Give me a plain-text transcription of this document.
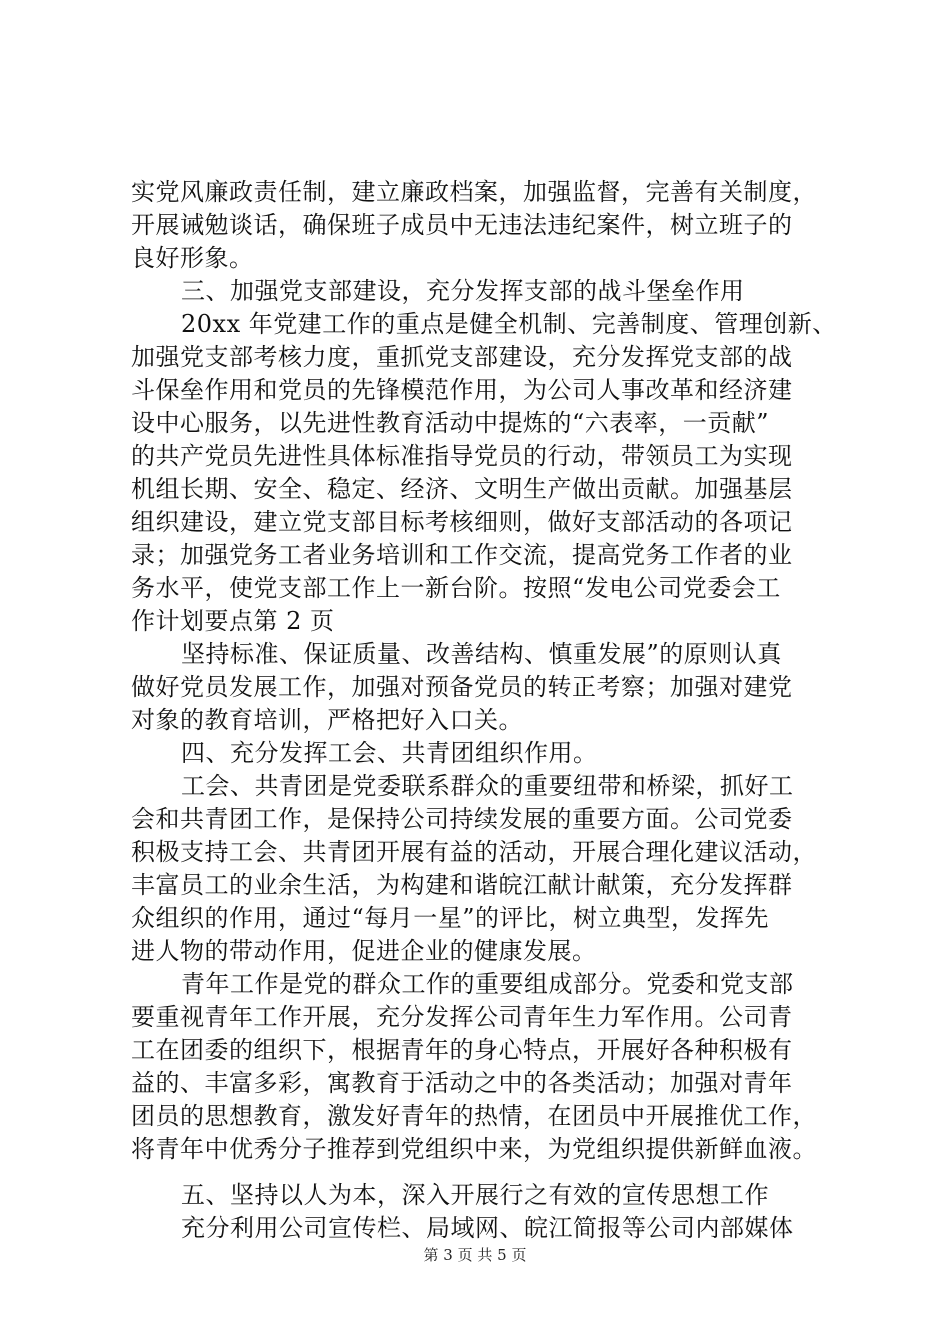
实党风廉政责任制，建立廉政档案，加强监督，完善有关制度，
开展诫勉谈话，确保班子成员中无违法违纪案件，树立班子的
良好形象。
三、加强党支部建设，充分发挥支部的战斗堡垒作用
20xx 年党建工作的重点是健全机制、完善制度、管理创新、
加强党支部考核力度，重抓党支部建设，充分发挥党支部的战
斗保垒作用和党员的先锋模范作用，为公司人事改革和经济建
设中心服务，以先进性教育活动中提炼的“六表率，一贡献”
的共产党员先进性具体标准指导党员的行动，带领员工为实现
机组长期、安全、稳定、经济、文明生产做出贡献。加强基层
组织建设，建立党支部目标考核细则，做好支部活动的各项记
录；加强党务工者业务培训和工作交流，提高党务工作者的业
务水平，使党支部工作上一新台阶。按照“发电公司党委会工
作计划要点第 2 页
坚持标准、保证质量、改善结构、慎重发展”的原则认真
做好党员发展工作，加强对预备党员的转正考察；加强对建党
对象的教育培训，严格把好入口关。
四、充分发挥工会、共青团组织作用。
工会、共青团是党委联系群众的重要纽带和桥梁，抓好工
会和共青团工作，是保持公司持续发展的重要方面。公司党委
积极支持工会、共青团开展有益的活动，开展合理化建议活动，
丰富员工的业余生活，为构建和谐皖江献计献策，充分发挥群
众组织的作用，通过“每月一星”的评比，树立典型，发挥先
进人物的带动作用，促进企业的健康发展。
青年工作是党的群众工作的重要组成部分。党委和党支部
要重视青年工作开展，充分发挥公司青年生力军作用。公司青
工在团委的组织下，根据青年的身心特点，开展好各种积极有
益的、丰富多彩，寓教育于活动之中的各类活动；加强对青年
团员的思想教育，激发好青年的热情，在团员中开展推优工作，
将青年中优秀分子推荐到党组织中来，为党组织提供新鲜血液。
五、坚持以人为本，深入开展行之有效的宣传思想工作
充分利用公司宣传栏、局域网、皖江简报等公司内部媒体
第 3 页 共 5 页
